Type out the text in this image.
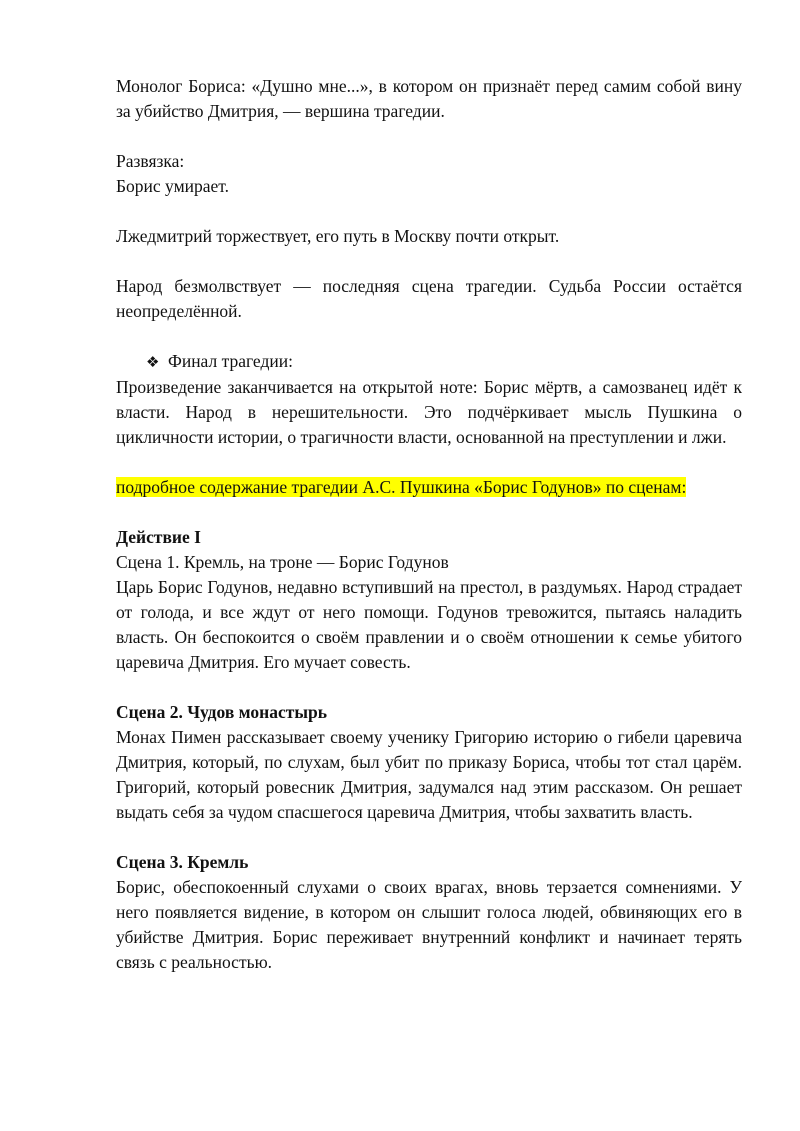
Монолог Бориса: «Душно мне...», в котором он признаёт перед самим собой вину за убийство Дмитрия, — вершина трагедии.

Развязка:

Борис умирает.

Лжедмитрий торжествует, его путь в Москву почти открыт.

Народ безмолвствует — последняя сцена трагедии. Судьба России остаётся неопределённой.

❖ Финал трагедии:

Произведение заканчивается на открытой ноте: Борис мёртв, а самозванец идёт к власти. Народ в нерешительности. Это подчёркивает мысль Пушкина о цикличности истории, о трагичности власти, основанной на преступлении и лжи.

подробное содержание трагедии А.С. Пушкина «Борис Годунов» по сценам:

Действие I

Сцена 1. Кремль, на троне — Борис Годунов

Царь Борис Годунов, недавно вступивший на престол, в раздумьях. Народ страдает от голода, и все ждут от него помощи. Годунов тревожится, пытаясь наладить власть. Он беспокоится о своём правлении и о своём отношении к семье убитого царевича Дмитрия. Его мучает совесть.

Сцена 2. Чудов монастырь

Монах Пимен рассказывает своему ученику Григорию историю о гибели царевича Дмитрия, который, по слухам, был убит по приказу Бориса, чтобы тот стал царём. Григорий, который ровесник Дмитрия, задумался над этим рассказом. Он решает выдать себя за чудом спасшегося царевича Дмитрия, чтобы захватить власть.

Сцена 3. Кремль

Борис, обеспокоенный слухами о своих врагах, вновь терзается сомнениями. У него появляется видение, в котором он слышит голоса людей, обвиняющих его в убийстве Дмитрия. Борис переживает внутренний конфликт и начинает терять связь с реальностью.
